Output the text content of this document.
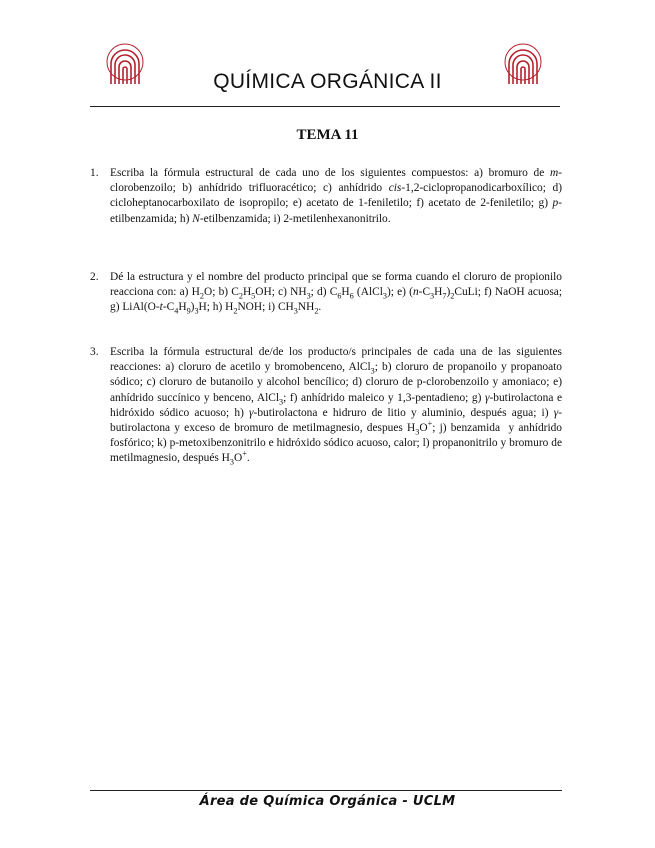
QUÍMICA ORGÁNICA II
TEMA 11
1. Escriba la fórmula estructural de cada uno de los siguientes compuestos: a) bromuro de m-clorobenzoilo; b) anhídrido trifluoracético; c) anhídrido cis-1,2-ciclopropanodicarboxílico; d) cicloheptanocarboxilato de isopropilo; e) acetato de 1-feniletilo; f) acetato de 2-feniletilo; g) p-etilbenzamida; h) N-etilbenzamida; i) 2-metilenhexanonitrilo.
2. Dé la estructura y el nombre del producto principal que se forma cuando el cloruro de propionilo reacciona con: a) $H_2O$; b) $C_2H_5OH$; c) $NH_3$; d) $C_6H_6$ (AlCl$_3$); e) $(n-C_3H_7)_2CuLi$; f) NaOH acuosa; g) $LiAl(O-t-C_4H_9)_3H$; h) $H_2NOH$; i) $CH_3NH_2$.
3. Escriba la fórmula estructural de/de los producto/s principales de cada una de las siguientes reacciones: a) cloruro de acetilo y bromobenceno, AlCl$_3$; b) cloruro de propanoilo y propanoato sódico; c) cloruro de butanoilo y alcohol bencílico; d) cloruro de p-clorobenzoilo y amoniaco; e) anhídrido succínico y benceno, AlCl$_3$; f) anhídrido maleico y 1,3-pentadieno; g) γ-butirolactona e hidróxido sódico acuoso; h) γ-butirolactona e hidruro de litio y aluminio, después agua; i) γ-butirolactona y exceso de bromuro de metilmagnesio, despues $H_3O^+$; j) benzamida  y anhídrido fosfórico; k) p-metoxibenzonitrilo e hidróxido sódico acuoso, calor; l) propanonitrilo y bromuro de metilmagnesio, después $H_3O^+$.
Área de Química Orgánica - UCLM
